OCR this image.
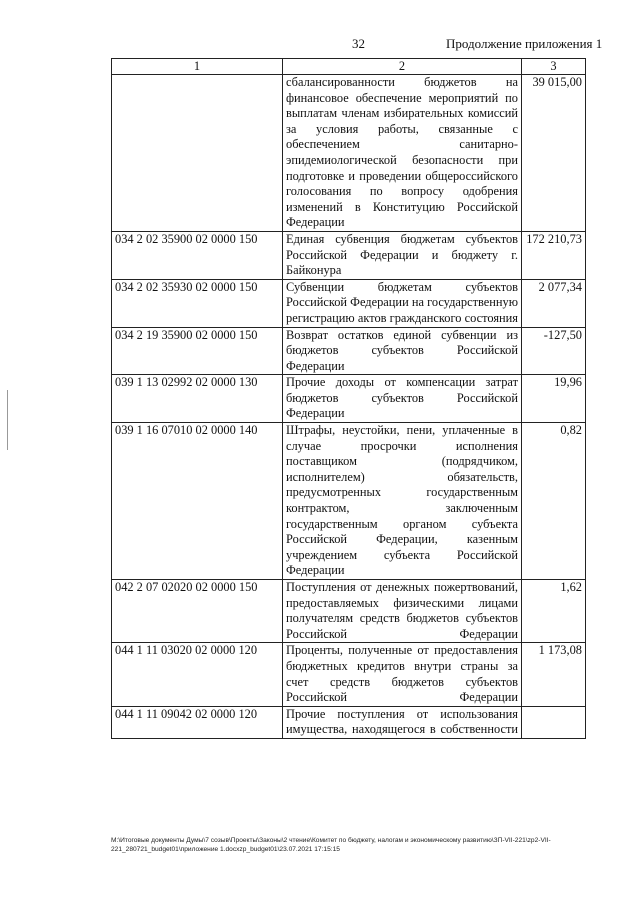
32	Продолжение приложения 1
1	2	3
	сбалансированности бюджетов на финансовое обеспечение мероприятий по выплатам членам избирательных комиссий за условия работы, связанные с обеспечением санитарно-эпидемиологической безопасности при подготовке и проведении общероссийского голосования по вопросу одобрения изменений в Конституцию Российской Федерации	39 015,00
034 2 02 35900 02 0000 150	Единая субвенция бюджетам субъектов Российской Федерации и бюджету г. Байконура	172 210,73
034 2 02 35930 02 0000 150	Субвенции бюджетам субъектов Российской Федерации на государственную регистрацию актов гражданского состояния	2 077,34
034 2 19 35900 02 0000 150	Возврат остатков единой субвенции из бюджетов субъектов Российской Федерации	-127,50
039 1 13 02992 02 0000 130	Прочие доходы от компенсации затрат бюджетов субъектов Российской Федерации	19,96
039 1 16 07010 02 0000 140	Штрафы, неустойки, пени, уплаченные в случае просрочки исполнения поставщиком (подрядчиком, исполнителем) обязательств, предусмотренных государственным контрактом, заключенным государственным органом субъекта Российской Федерации, казенным учреждением субъекта Российской Федерации	0,82
042 2 07 02020 02 0000 150	Поступления от денежных пожертвований, предоставляемых физическими лицами получателям средств бюджетов субъектов Российской Федерации	1,62
044 1 11 03020 02 0000 120	Проценты, полученные от предоставления бюджетных кредитов внутри страны за счет средств бюджетов субъектов Российской Федерации	1 173,08
044 1 11 09042 02 0000 120	Прочие поступления от использования имущества, находящегося в собственности	
M:\Итоговые документы Думы\7 созыв\Проекты\Законы\2 чтение\Комитет по бюджету, налогам и экономическому развитию\ЗП-VII-221\zp2-VII-221_280721_budget01\приложение 1.docxzp_budget01\23.07.2021 17:15:15
